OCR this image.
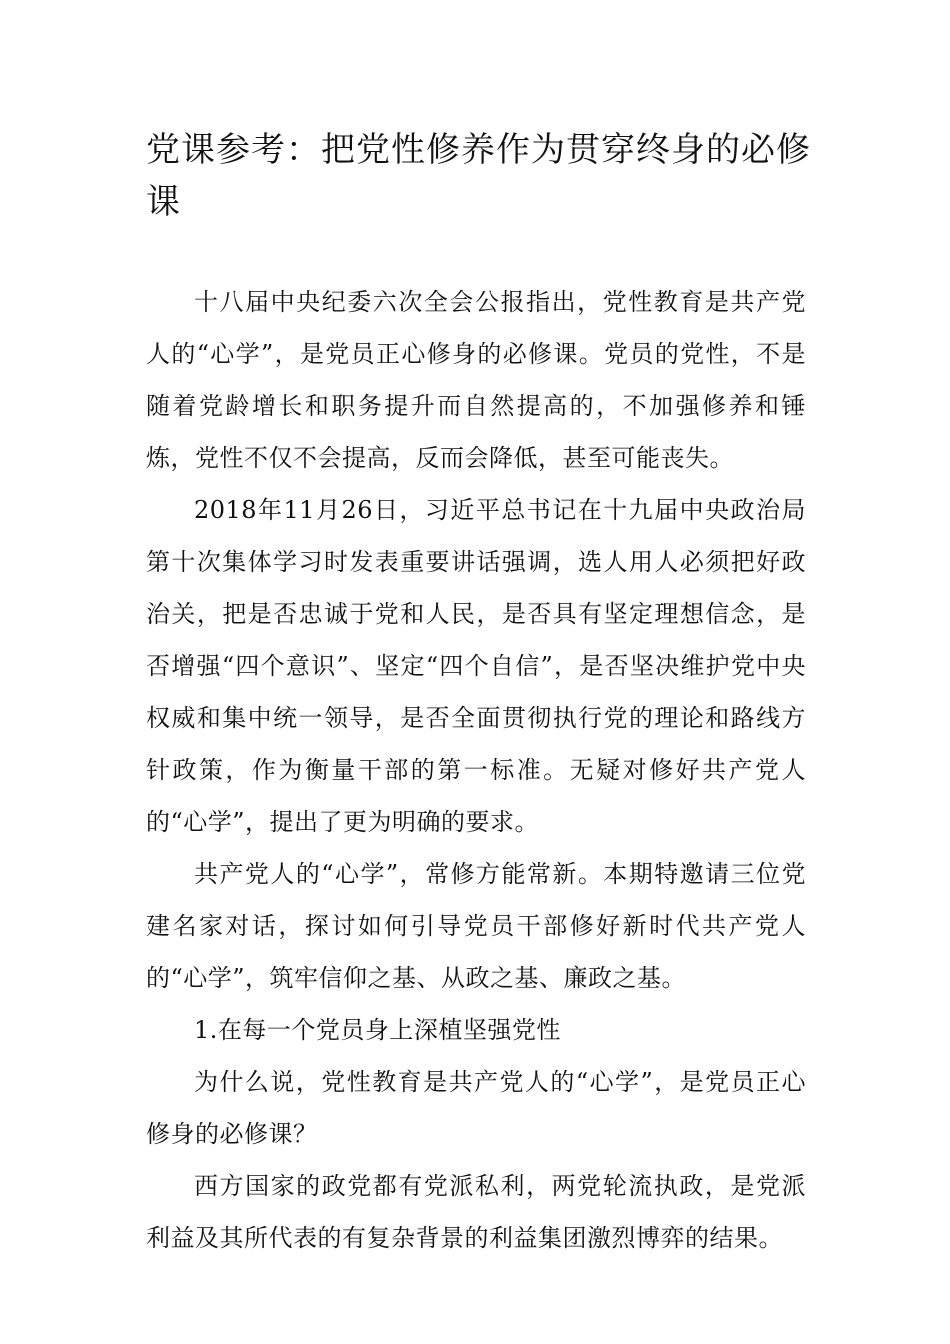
党课参考：把党性修养作为贯穿终身的必修课

十八届中央纪委六次全会公报指出，党性教育是共产党人的“心学”，是党员正心修身的必修课。党员的党性，不是随着党龄增长和职务提升而自然提高的，不加强修养和锤炼，党性不仅不会提高，反而会降低，甚至可能丧失。

2018年11月26日，习近平总书记在十九届中央政治局第十次集体学习时发表重要讲话强调，选人用人必须把好政治关，把是否忠诚于党和人民，是否具有坚定理想信念，是否增强“四个意识”、坚定“四个自信”，是否坚决维护党中央权威和集中统一领导，是否全面贯彻执行党的理论和路线方针政策，作为衡量干部的第一标准。无疑对修好共产党人的“心学”，提出了更为明确的要求。

共产党人的“心学”，常修方能常新。本期特邀请三位党建名家对话，探讨如何引导党员干部修好新时代共产党人的“心学”，筑牢信仰之基、从政之基、廉政之基。

1.在每一个党员身上深植坚强党性

为什么说，党性教育是共产党人的“心学”，是党员正心修身的必修课？

西方国家的政党都有党派私利，两党轮流执政，是党派利益及其所代表的有复杂背景的利益集团激烈博弈的结果。
